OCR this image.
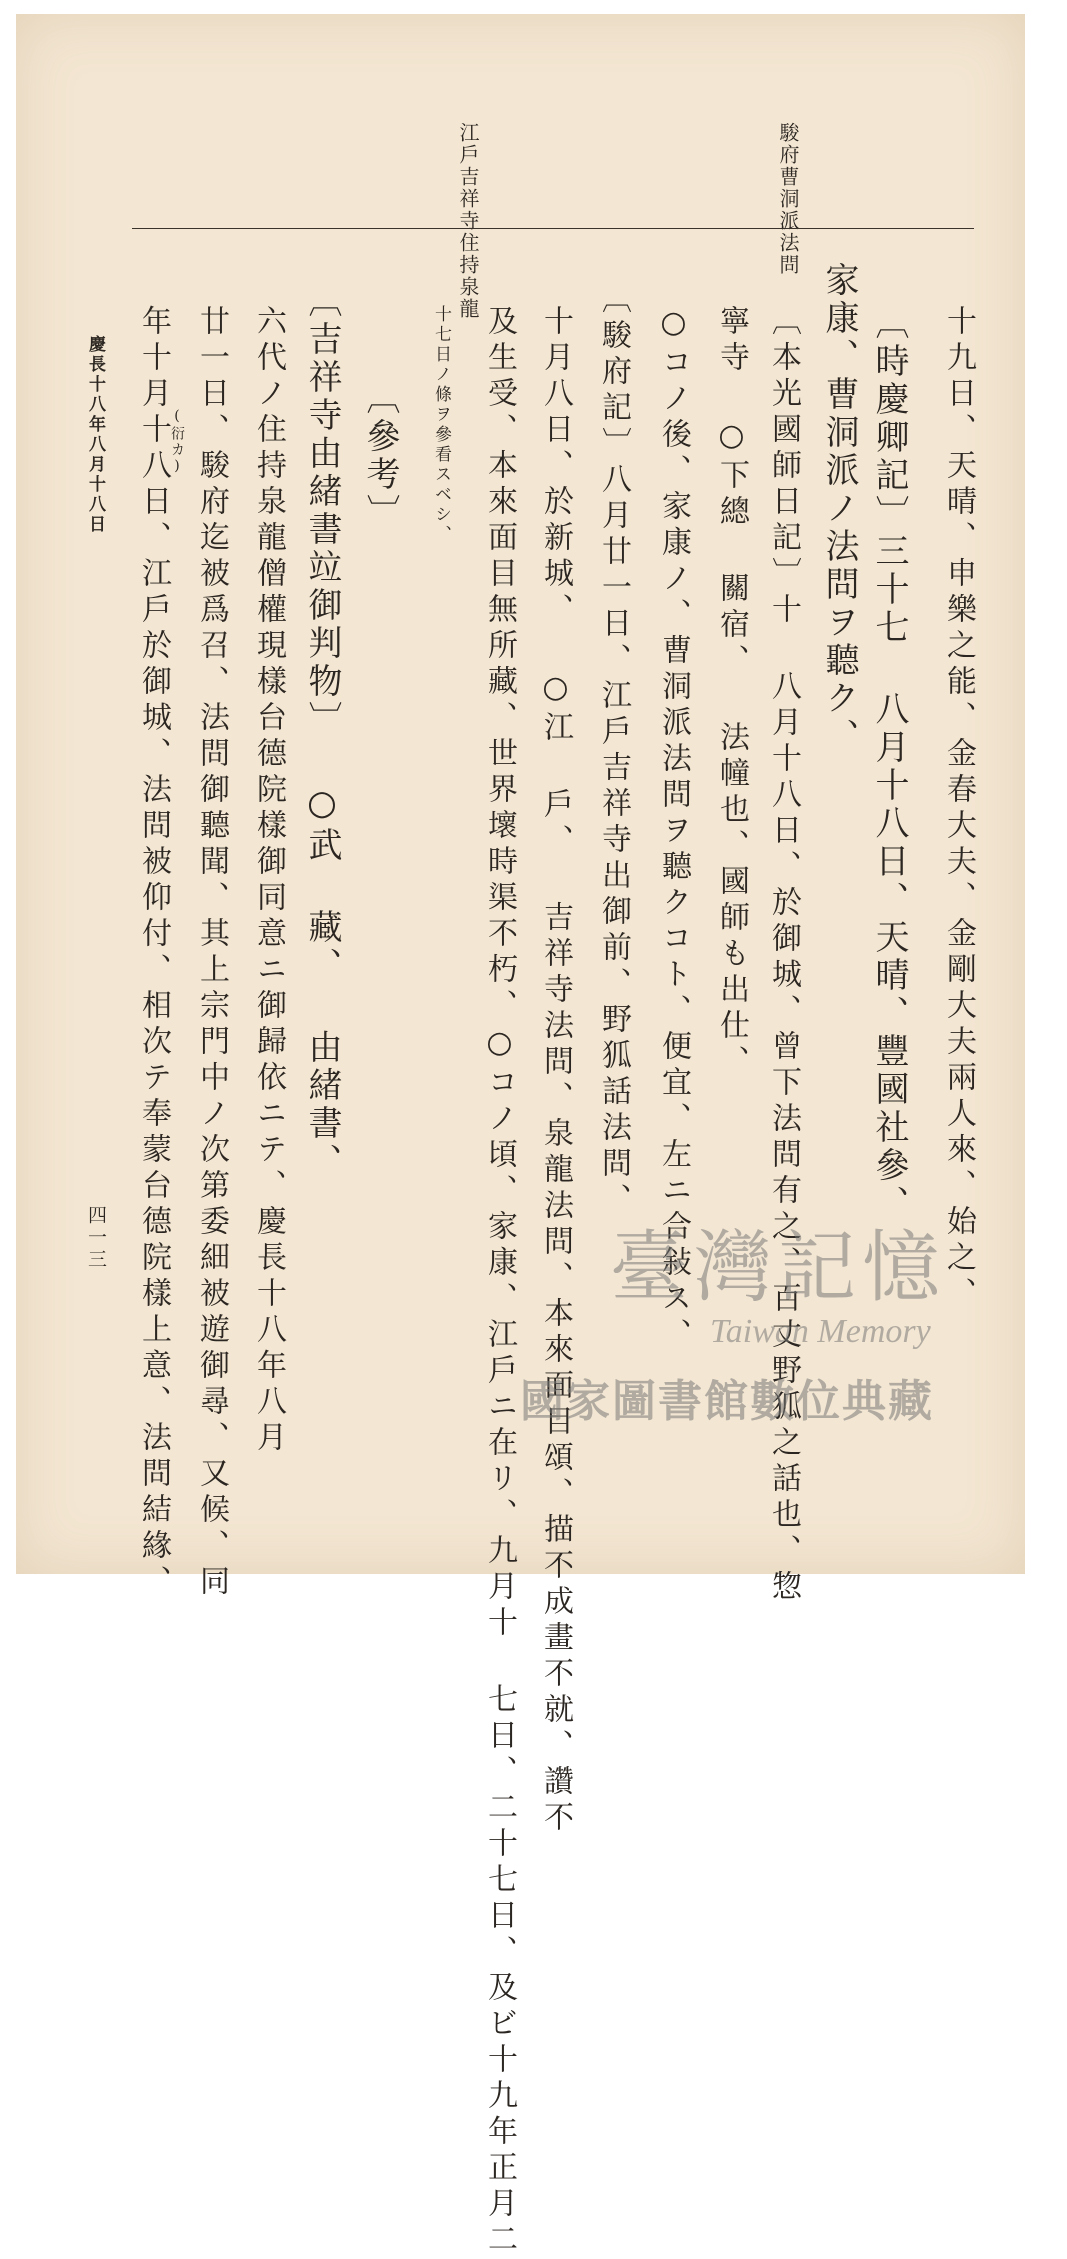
駿府曹洞派法問
江戶吉祥寺住持泉龍
十九日、天晴、申樂之能、金春大夫、金剛大夫兩人來、始之、
〔時慶卿記〕三十七 八月十八日、天晴、豐國社參、
家康、曹洞派ノ法問ヲ聽ク、
〔本光國師日記〕十 八月十八日、於御城、曾下法問有之、百丈野狐之話也、惣
寧寺 ○下總 關宿、 法幢也、國師も出仕、
○コノ後、家康ノ、曹洞派法問ヲ聽クコト、便宜、左ニ合敍ス、
〔駿府記〕八月廿一日、江戶吉祥寺出御前、野狐話法問、
十月八日、於新城、 ○江 戶、 吉祥寺法問、泉龍法問、本來面目頌、描不成畫不就、讚不
及生受、本來面目無所藏、世界壞時渠不朽、○コノ頃、家康、江戶ニ在リ、九月十 七日、二十七日、及ビ十九年正月二
十七日ノ條ヲ參看スベシ、
〔參考〕
〔吉祥寺由緒書竝御判物〕 ○武 藏、 由緒書、
六代ノ住持泉龍僧權現樣台德院樣御同意ニ御歸依ニテ、慶長十八年八月
廿一日、駿府迄被爲召、法問御聽聞、其上宗門中ノ次第委細被遊御尋、又候、同
(衍カ)
年十月十八日、江戶於御城、法問被仰付、相次テ奉蒙台德院樣上意、法問結緣、
慶長十八年八月十八日
四一三	臺灣記憶
Taiwan Memory
國家圖書館數位典藏
